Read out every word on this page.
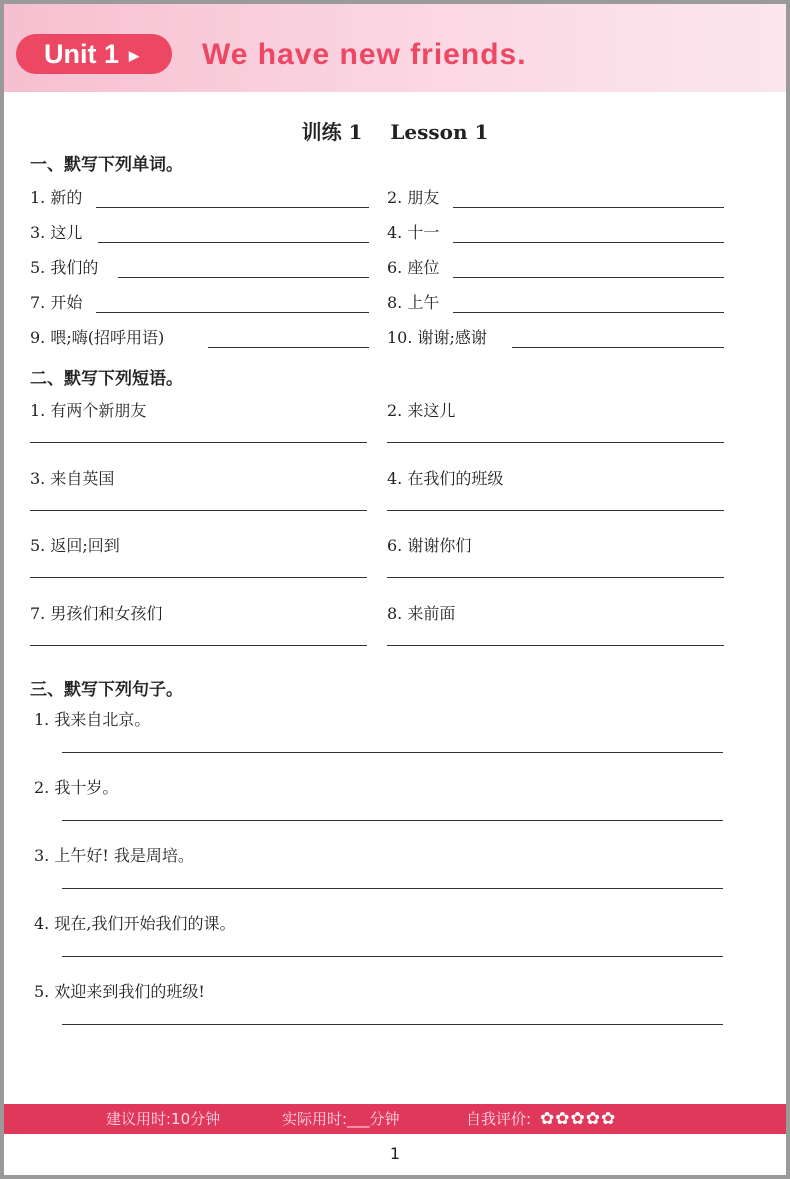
Unit 1 ▶	We have new friends.
训练 1    Lesson 1
建议用时:10分钟	实际用时:___分钟	自我评价: ✿✿✿✿✿
1
一、默写下列单词。
1. 新的	2. 朋友
3. 这儿	4. 十一
5. 我们的	6. 座位
7. 开始	8. 上午
9. 喂;嗨(招呼用语)	10. 谢谢;感谢
二、默写下列短语。
1. 有两个新朋友	2. 来这儿
3. 来自英国	4. 在我们的班级
5. 返回;回到	6. 谢谢你们
7. 男孩们和女孩们	8. 来前面
三、默写下列句子。
1. 我来自北京。
2. 我十岁。
3. 上午好! 我是周培。
4. 现在,我们开始我们的课。
5. 欢迎来到我们的班级!
